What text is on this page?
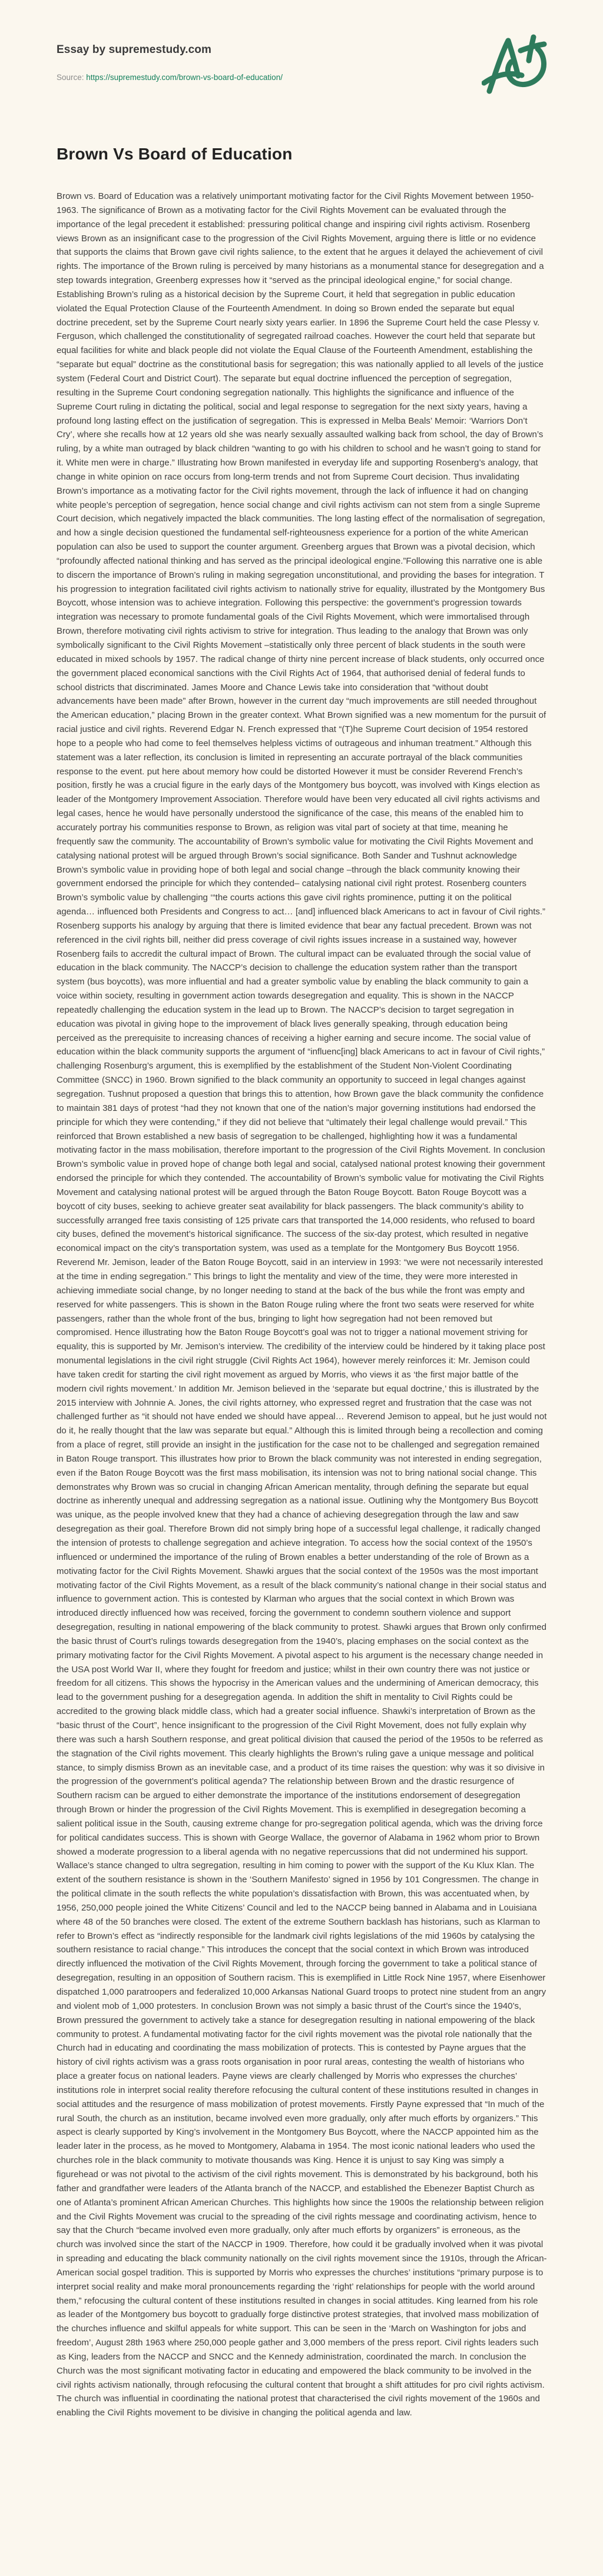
Essay by supremestudy.com
Source: https://supremestudy.com/brown-vs-board-of-education/
Brown Vs Board of Education

Brown vs. Board of Education was a relatively unimportant motivating factor for the Civil Rights Movement between 1950-1963. The significance of Brown as a motivating factor for the Civil Rights Movement can be evaluated through the importance of the legal precedent it established: pressuring political change and inspiring civil rights activism. Rosenberg views Brown as an insignificant case to the progression of the Civil Rights Movement, arguing there is little or no evidence that supports the claims that Brown gave civil rights salience, to the extent that he argues it delayed the achievement of civil rights. The importance of the Brown ruling is perceived by many historians as a monumental stance for desegregation and a step towards integration, Greenberg expresses how it “served as the principal ideological engine,” for social change. Establishing Brown’s ruling as a historical decision by the Supreme Court, it held that segregation in public education violated the Equal Protection Clause of the Fourteenth Amendment. In doing so Brown ended the separate but equal doctrine precedent, set by the Supreme Court nearly sixty years earlier. In 1896 the Supreme Court held the case Plessy v. Ferguson, which challenged the constitutionality of segregated railroad coaches. However the court held that separate but equal facilities for white and black people did not violate the Equal Clause of the Fourteenth Amendment, establishing the “separate but equal” doctrine as the constitutional basis for segregation; this was nationally applied to all levels of the justice system (Federal Court and District Court). The separate but equal doctrine influenced the perception of segregation, resulting in the Supreme Court condoning segregation nationally. This highlights the significance and influence of the Supreme Court ruling in dictating the political, social and legal response to segregation for the next sixty years, having a profound long lasting effect on the justification of segregation. This is expressed in Melba Beals’ Memoir: ‘Warriors Don’t Cry’, where she recalls how at 12 years old she was nearly sexually assaulted walking back from school, the day of Brown’s ruling, by a white man outraged by black children “wanting to go with his children to school and he wasn’t going to stand for it. White men were in charge.” Illustrating how Brown manifested in everyday life and supporting Rosenberg’s analogy, that change in white opinion on race occurs from long-term trends and not from Supreme Court decision. Thus invalidating Brown’s importance as a motivating factor for the Civil rights movement, through the lack of influence it had on changing white people’s perception of segregation, hence social change and civil rights activism can not stem from a single Supreme Court decision, which negatively impacted the black communities. The long lasting effect of the normalisation of segregation, and how a single decision questioned the fundamental self-righteousness experience for a portion of the white American population can also be used to support the counter argument. Greenberg argues that Brown was a pivotal decision, which “profoundly affected national thinking and has served as the principal ideological engine.”Following this narrative one is able to discern the importance of Brown’s ruling in making segregation unconstitutional, and providing the bases for integration. T his progression to integration facilitated civil rights activism to nationally strive for equality, illustrated by the Montgomery Bus Boycott, whose intension was to achieve integration. Following this perspective: the government’s progression towards integration was necessary to promote fundamental goals of the Civil Rights Movement, which were immortalised through Brown, therefore motivating civil rights activism to strive for integration. Thus leading to the analogy that Brown was only symbolically significant to the Civil Rights Movement –statistically only three percent of black students in the south were educated in mixed schools by 1957. The radical change of thirty nine percent increase of black students, only occurred once the government placed economical sanctions with the Civil Rights Act of 1964, that authorised denial of federal funds to school districts that discriminated. James Moore and Chance Lewis take into consideration that “without doubt advancements have been made” after Brown, however in the current day “much improvements are still needed throughout the American education,” placing Brown in the greater context. What Brown signified was a new momentum for the pursuit of racial justice and civil rights. Reverend Edgar N. French expressed that “(T)he Supreme Court decision of 1954 restored hope to a people who had come to feel themselves helpless victims of outrageous and inhuman treatment.” Although this statement was a later reflection, its conclusion is limited in representing an accurate portrayal of the black communities response to the event. put here about memory how could be distorted However it must be consider Reverend French’s position, firstly he was a crucial figure in the early days of the Montgomery bus boycott, was involved with Kings election as leader of the Montgomery Improvement Association. Therefore would have been very educated all civil rights activisms and legal cases, hence he would have personally understood the significance of the case, this means of the enabled him to accurately portray his communities response to Brown, as religion was vital part of society at that time, meaning he frequently saw the community. The accountability of Brown’s symbolic value for motivating the Civil Rights Movement and catalysing national protest will be argued through Brown’s social significance. Both Sander and Tushnut acknowledge Brown’s symbolic value in providing hope of both legal and social change –through the black community knowing their government endorsed the principle for which they contended– catalysing national civil right protest. Rosenberg counters Brown’s symbolic value by challenging ‘“the courts actions this gave civil rights prominence, putting it on the political agenda… influenced both Presidents and Congress to act… [and] influenced black Americans to act in favour of Civil rights.” Rosenberg supports his analogy by arguing that there is limited evidence that bear any factual precedent. Brown was not referenced in the civil rights bill, neither did press coverage of civil rights issues increase in a sustained way, however Rosenberg fails to accredit the cultural impact of Brown. The cultural impact can be evaluated through the social value of education in the black community. The NACCP’s decision to challenge the education system rather than the transport system (bus boycotts), was more influential and had a greater symbolic value by enabling the black community to gain a voice within society, resulting in government action towards desegregation and equality. This is shown in the NACCP repeatedly challenging the education system in the lead up to Brown. The NACCP’s decision to target segregation in education was pivotal in giving hope to the improvement of black lives generally speaking, through education being perceived as the prerequisite to increasing chances of receiving a higher earning and secure income. The social value of education within the black community supports the argument of “influenc[ing] black Americans to act in favour of Civil rights,” challenging Rosenburg’s argument, this is exemplified by the establishment of the Student Non-Violent Coordinating Committee (SNCC) in 1960. Brown signified to the black community an opportunity to succeed in legal changes against segregation. Tushnut proposed a question that brings this to attention, how Brown gave the black community the confidence to maintain 381 days of protest “had they not known that one of the nation’s major governing institutions had endorsed the principle for which they were contending,” if they did not believe that “ultimately their legal challenge would prevail.” This reinforced that Brown established a new basis of segregation to be challenged, highlighting how it was a fundamental motivating factor in the mass mobilisation, therefore important to the progression of the Civil Rights Movement. In conclusion Brown’s symbolic value in proved hope of change both legal and social, catalysed national protest knowing their government endorsed the principle for which they contended. The accountability of Brown’s symbolic value for motivating the Civil Rights Movement and catalysing national protest will be argued through the Baton Rouge Boycott. Baton Rouge Boycott was a boycott of city buses, seeking to achieve greater seat availability for black passengers. The black community’s ability to successfully arranged free taxis consisting of 125 private cars that transported the 14,000 residents, who refused to board city buses, defined the movement’s historical significance. The success of the six-day protest, which resulted in negative economical impact on the city’s transportation system, was used as a template for the Montgomery Bus Boycott 1956. Reverend Mr. Jemison, leader of the Baton Rouge Boycott, said in an interview in 1993: “we were not necessarily interested at the time in ending segregation.” This brings to light the mentality and view of the time, they were more interested in achieving immediate social change, by no longer needing to stand at the back of the bus while the front was empty and reserved for white passengers. This is shown in the Baton Rouge ruling where the front two seats were reserved for white passengers, rather than the whole front of the bus, bringing to light how segregation had not been removed but compromised. Hence illustrating how the Baton Rouge Boycott’s goal was not to trigger a national movement striving for equality, this is supported by Mr. Jemison’s interview. The credibility of the interview could be hindered by it taking place post monumental legislations in the civil right struggle (Civil Rights Act 1964), however merely reinforces it: Mr. Jemison could have taken credit for starting the civil right movement as argued by Morris, who views it as ‘the first major battle of the modern civil rights movement.’ In addition Mr. Jemison believed in the ‘separate but equal doctrine,’ this is illustrated by the 2015 interview with Johnnie A. Jones, the civil rights attorney, who expressed regret and frustration that the case was not challenged further as “it should not have ended we should have appeal… Reverend Jemison to appeal, but he just would not do it, he really thought that the law was separate but equal.” Although this is limited through being a recollection and coming from a place of regret, still provide an insight in the justification for the case not to be challenged and segregation remained in Baton Rouge transport. This illustrates how prior to Brown the black community was not interested in ending segregation, even if the Baton Rouge Boycott was the first mass mobilisation, its intension was not to bring national social change. This demonstrates why Brown was so crucial in changing African American mentality, through defining the separate but equal doctrine as inherently unequal and addressing segregation as a national issue. Outlining why the Montgomery Bus Boycott was unique, as the people involved knew that they had a chance of achieving desegregation through the law and saw desegregation as their goal. Therefore Brown did not simply bring hope of a successful legal challenge, it radically changed the intension of protests to challenge segregation and achieve integration. To access how the social context of the 1950’s influenced or undermined the importance of the ruling of Brown enables a better understanding of the role of Brown as a motivating factor for the Civil Rights Movement. Shawki argues that the social context of the 1950s was the most important motivating factor of the Civil Rights Movement, as a result of the black community’s national change in their social status and influence to government action. This is contested by Klarman who argues that the social context in which Brown was introduced directly influenced how was received, forcing the government to condemn southern violence and support desegregation, resulting in national empowering of the black community to protest. Shawki argues that Brown only confirmed the basic thrust of Court’s rulings towards desegregation from the 1940’s, placing emphases on the social context as the primary motivating factor for the Civil Rights Movement. A pivotal aspect to his argument is the necessary change needed in the USA post World War II, where they fought for freedom and justice; whilst in their own country there was not justice or freedom for all citizens. This shows the hypocrisy in the American values and the undermining of American democracy, this lead to the government pushing for a desegregation agenda. In addition the shift in mentality to Civil Rights could be accredited to the growing black middle class, which had a greater social influence. Shawki’s interpretation of Brown as the “basic thrust of the Court”, hence insignificant to the progression of the Civil Right Movement, does not fully explain why there was such a harsh Southern response, and great political division that caused the period of the 1950s to be referred as the stagnation of the Civil rights movement. This clearly highlights the Brown’s ruling gave a unique message and political stance, to simply dismiss Brown as an inevitable case, and a product of its time raises the question: why was it so divisive in the progression of the government’s political agenda? The relationship between Brown and the drastic resurgence of Southern racism can be argued to either demonstrate the importance of the institutions endorsement of desegregation through Brown or hinder the progression of the Civil Rights Movement. This is exemplified in desegregation becoming a salient political issue in the South, causing extreme change for pro-segregation political agenda, which was the driving force for political candidates success. This is shown with George Wallace, the governor of Alabama in 1962 whom prior to Brown showed a moderate progression to a liberal agenda with no negative repercussions that did not undermined his support. Wallace’s stance changed to ultra segregation, resulting in him coming to power with the support of the Ku Klux Klan. The extent of the southern resistance is shown in the ‘Southern Manifesto’ signed in 1956 by 101 Congressmen. The change in the political climate in the south reflects the white population’s dissatisfaction with Brown, this was accentuated when, by 1956, 250,000 people joined the White Citizens’ Council and led to the NACCP being banned in Alabama and in Louisiana where 48 of the 50 branches were closed. The extent of the extreme Southern backlash has historians, such as Klarman to refer to Brown’s effect as “indirectly responsible for the landmark civil rights legislations of the mid 1960s by catalysing the southern resistance to racial change.” This introduces the concept that the social context in which Brown was introduced directly influenced the motivation of the Civil Rights Movement, through forcing the government to take a political stance of desegregation, resulting in an opposition of Southern racism. This is exemplified in Little Rock Nine 1957, where Eisenhower dispatched 1,000 paratroopers and federalized 10,000 Arkansas National Guard troops to protect nine student from an angry and violent mob of 1,000 protesters. In conclusion Brown was not simply a basic thrust of the Court’s since the 1940’s, Brown pressured the government to actively take a stance for desegregation resulting in national empowering of the black community to protest. A fundamental motivating factor for the civil rights movement was the pivotal role nationally that the Church had in educating and coordinating the mass mobilization of protects. This is contested by Payne argues that the history of civil rights activism was a grass roots organisation in poor rural areas, contesting the wealth of historians who place a greater focus on national leaders. Payne views are clearly challenged by Morris who expresses the churches’ institutions role in interpret social reality therefore refocusing the cultural content of these institutions resulted in changes in social attitudes and the resurgence of mass mobilization of protest movements. Firstly Payne expressed that “In much of the rural South, the church as an institution, became involved even more gradually, only after much efforts by organizers.” This aspect is clearly supported by King’s involvement in the Montgomery Bus Boycott, where the NACCP appointed him as the leader later in the process, as he moved to Montgomery, Alabama in 1954. The most iconic national leaders who used the churches role in the black community to motivate thousands was King. Hence it is unjust to say King was simply a figurehead or was not pivotal to the activism of the civil rights movement. This is demonstrated by his background, both his father and grandfather were leaders of the Atlanta branch of the NACCP, and established the Ebenezer Baptist Church as one of Atlanta’s prominent African American Churches. This highlights how since the 1900s the relationship between religion and the Civil Rights Movement was crucial to the spreading of the civil rights message and coordinating activism, hence to say that the Church “became involved even more gradually, only after much efforts by organizers” is erroneous, as the church was involved since the start of the NACCP in 1909. Therefore, how could it be gradually involved when it was pivotal in spreading and educating the black community nationally on the civil rights movement since the 1910s, through the African-American social gospel tradition. This is supported by Morris who expresses the churches’ institutions “primary purpose is to interpret social reality and make moral pronouncements regarding the ‘right’ relationships for people with the world around them,” refocusing the cultural content of these institutions resulted in changes in social attitudes. King learned from his role as leader of the Montgomery bus boycott to gradually forge distinctive protest strategies, that involved mass mobilization of the churches influence and skilful appeals for white support. This can be seen in the ‘March on Washington for jobs and freedom’, August 28th 1963 where 250,000 people gather and 3,000 members of the press report. Civil rights leaders such as King, leaders from the NACCP and SNCC and the Kennedy administration, coordinated the march. In conclusion the Church was the most significant motivating factor in educating and empowered the black community to be involved in the civil rights activism nationally, through refocusing the cultural content that brought a shift attitudes for pro civil rights activism. The church was influential in coordinating the national protest that characterised the civil rights movement of the 1960s and enabling the Civil Rights movement to be divisive in changing the political agenda and law.
